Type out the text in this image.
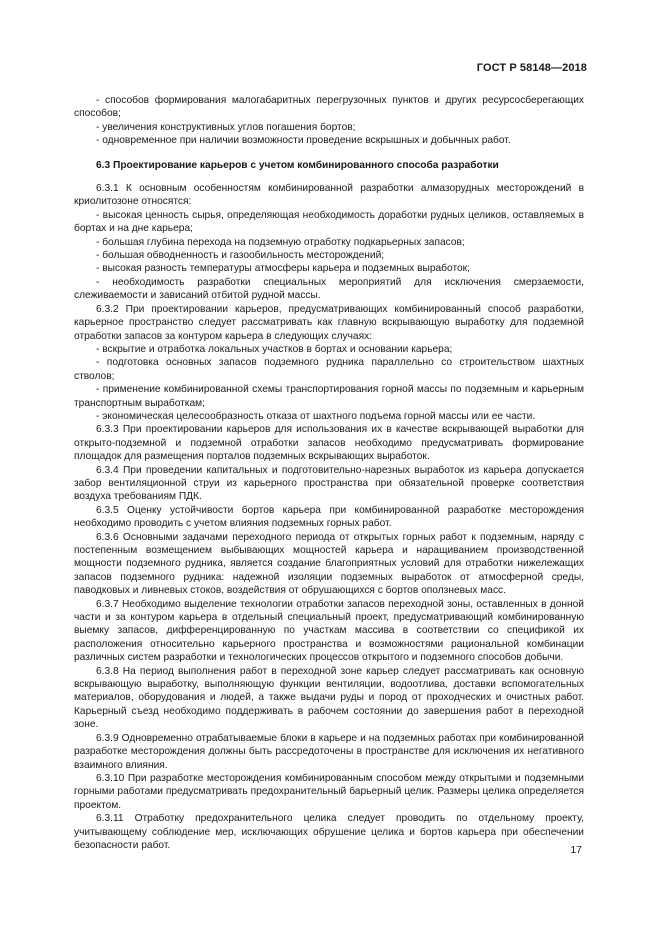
ГОСТ Р 58148—2018

- способов формирования малогабаритных перегрузочных пунктов и других ресурсосберегающих способов;

- увеличения конструктивных углов погашения бортов;

- одновременное при наличии возможности проведение вскрышных и добычных работ.

6.3 Проектирование карьеров с учетом комбинированного способа разработки

6.3.1 К основным особенностям комбинированной разработки алмазорудных месторождений в криолитозоне относятся:

- высокая ценность сырья, определяющая необходимость доработки рудных целиков, оставляемых в бортах и на дне карьера;

- большая глубина перехода на подземную отработку подкарьерных запасов;

- большая обводненность и газообильность месторождений;

- высокая разность температуры атмосферы карьера и подземных выработок;

- необходимость разработки специальных мероприятий для исключения смерзаемости, слеживаемости и зависаний отбитой рудной массы.

6.3.2 При проектировании карьеров, предусматривающих комбинированный способ разработки, карьерное пространство следует рассматривать как главную вскрывающую выработку для подземной отработки запасов за контуром карьера в следующих случаях:

- вскрытие и отработка локальных участков в бортах и основании карьера;

- подготовка основных запасов подземного рудника параллельно со строительством шахтных стволов;

- применение комбинированной схемы транспортирования горной массы по подземным и карьерным транспортным выработкам;

- экономическая целесообразность отказа от шахтного подъема горной массы или ее части.

6.3.3 При проектировании карьеров для использования их в качестве вскрывающей выработки для открыто-подземной и подземной отработки запасов необходимо предусматривать формирование площадок для размещения порталов подземных вскрывающих выработок.

6.3.4 При проведении капитальных и подготовительно-нарезных выработок из карьера допускается забор вентиляционной струи из карьерного пространства при обязательной проверке соответствия воздуха требованиям ПДК.

6.3.5 Оценку устойчивости бортов карьера при комбинированной разработке месторождения необходимо проводить с учетом влияния подземных горных работ.

6.3.6 Основными задачами переходного периода от открытых горных работ к подземным, наряду с постепенным возмещением выбывающих мощностей карьера и наращиванием производственной мощности подземного рудника, является создание благоприятных условий для отработки нижележащих запасов подземного рудника: надежной изоляции подземных выработок от атмосферной среды, паводковых и ливневых стоков, воздействия от обрушающихся с бортов оползневых масс.

6.3.7 Необходимо выделение технологии отработки запасов переходной зоны, оставленных в донной части и за контуром карьера в отдельный специальный проект, предусматривающий комбинированную выемку запасов, дифференцированную по участкам массива в соответствии со спецификой их расположения относительно карьерного пространства и возможностями рациональной комбинации различных систем разработки и технологических процессов открытого и подземного способов добычи.

6.3.8 На период выполнения работ в переходной зоне карьер следует рассматривать как основную вскрывающую выработку, выполняющую функции вентиляции, водоотлива, доставки вспомогательных материалов, оборудования и людей, а также выдачи руды и пород от проходческих и очистных работ. Карьерный съезд необходимо поддерживать в рабочем состоянии до завершения работ в переходной зоне.

6.3.9 Одновременно отрабатываемые блоки в карьере и на подземных работах при комбинированной разработке месторождения должны быть рассредоточены в пространстве для исключения их негативного взаимного влияния.

6.3.10 При разработке месторождения комбинированным способом между открытыми и подземными горными работами предусматривать предохранительный барьерный целик. Размеры целика определяется проектом.

6.3.11 Отработку предохранительного целика следует проводить по отдельному проекту, учитывающему соблюдение мер, исключающих обрушение целика и бортов карьера при обеспечении безопасности работ.	17
